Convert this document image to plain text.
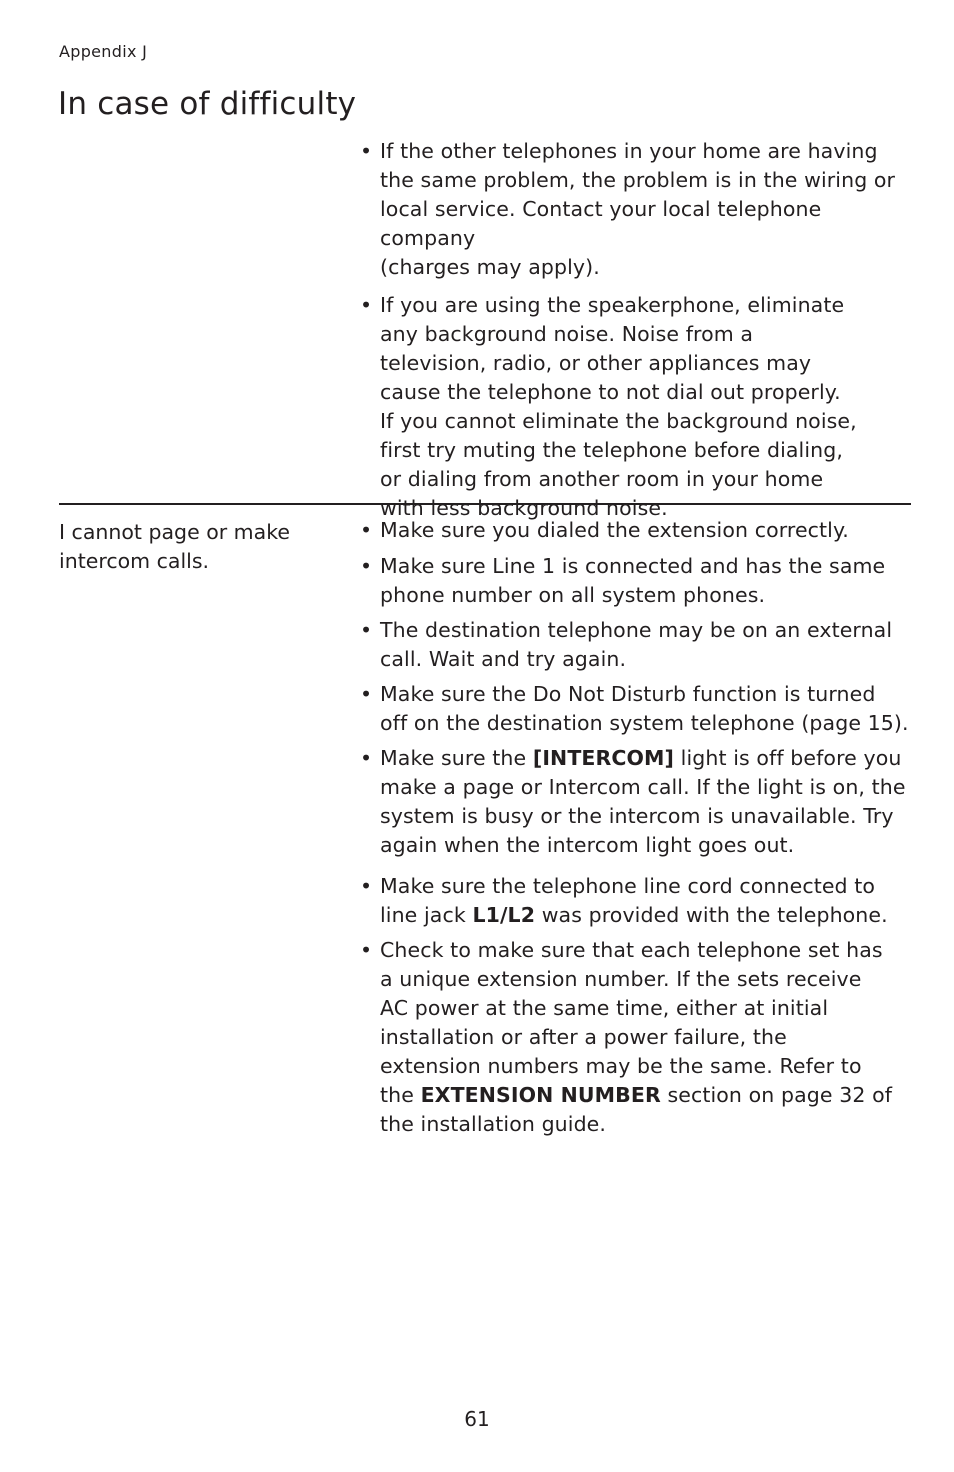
Appendix J
In case of difficulty
• If the other telephones in your home are having
the same problem, the problem is in the wiring or
local service. Contact your local telephone company
(charges may apply).
• If you are using the speakerphone, eliminate
any background noise. Noise from a
television, radio, or other appliances may
cause the telephone to not dial out properly.
If you cannot eliminate the background noise,
first try muting the telephone before dialing,
or dialing from another room in your home
with less background noise.
I cannot page or make
intercom calls.
• Make sure you dialed the extension correctly.
• Make sure Line 1 is connected and has the same
phone number on all system phones.
• The destination telephone may be on an external
call. Wait and try again.
• Make sure the Do Not Disturb function is turned
off on the destination system telephone (page 15).
• Make sure the [INTERCOM] light is off before you
make a page or Intercom call. If the light is on, the
system is busy or the intercom is unavailable. Try
again when the intercom light goes out.
• Make sure the telephone line cord connected to
line jack L1/L2 was provided with the telephone.
• Check to make sure that each telephone set has
a unique extension number. If the sets receive
AC power at the same time, either at initial
installation or after a power failure, the
extension numbers may be the same. Refer to
the EXTENSION NUMBER section on page 32 of
the installation guide.
61
